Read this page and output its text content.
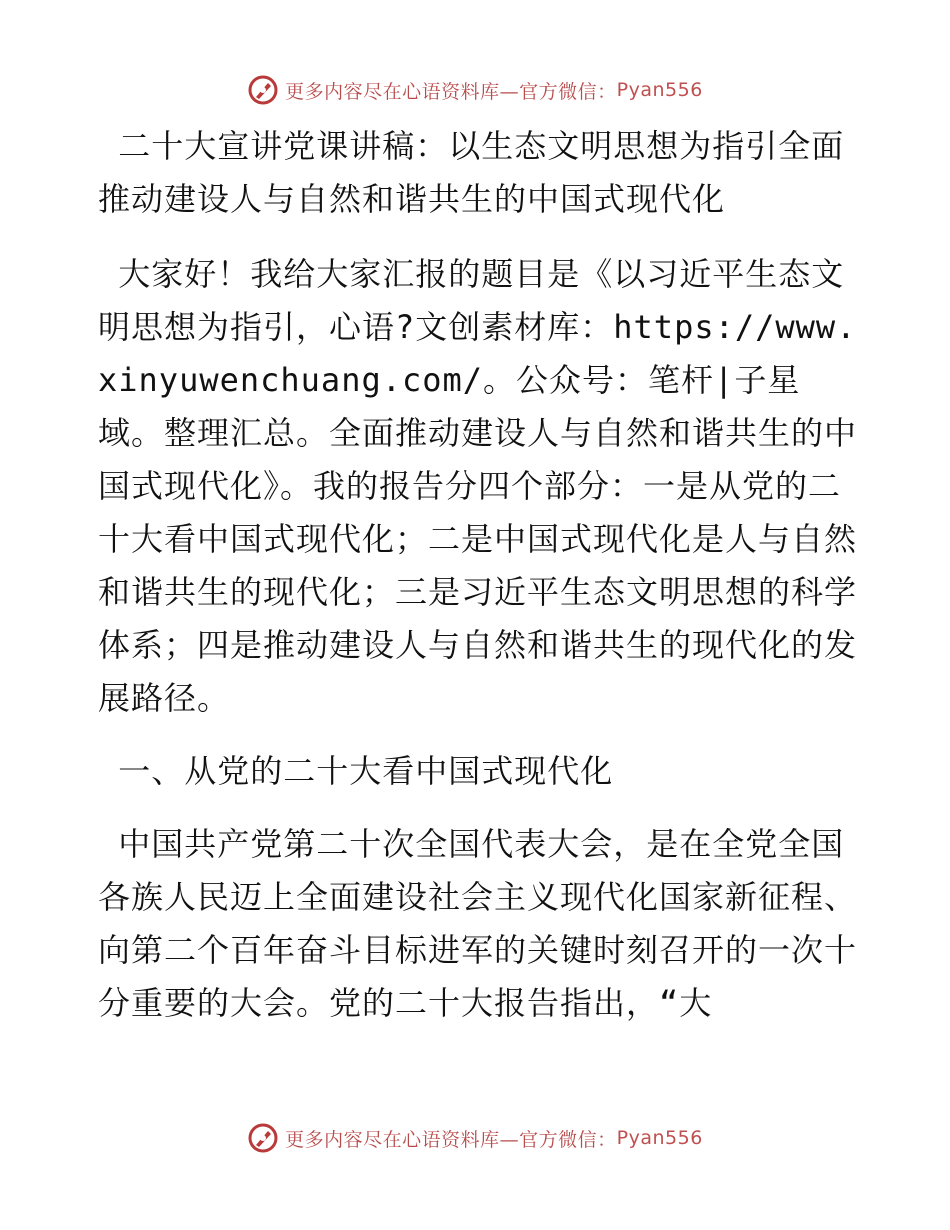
更多内容尽在心语资料库—官方微信： Pyan556

二十大宣讲党课讲稿：以生态文明思想为指引全面推动建设人与自然和谐共生的中国式现代化

大家好！我给大家汇报的题目是《以习近平生态文明思想为指引，心语?文创素材库：https://www.xinyuwenchuang.com/。公众号：笔杆|子星域。整理汇总。全面推动建设人与自然和谐共生的中国式现代化》。我的报告分四个部分：一是从党的二十大看中国式现代化；二是中国式现代化是人与自然和谐共生的现代化；三是习近平生态文明思想的科学体系；四是推动建设人与自然和谐共生的现代化的发展路径。

一、从党的二十大看中国式现代化

中国共产党第二十次全国代表大会，是在全党全国各族人民迈上全面建设社会主义现代化国家新征程、向第二个百年奋斗目标进军的关键时刻召开的一次十分重要的大会。党的二十大报告指出，“大

更多内容尽在心语资料库—官方微信： Pyan556
